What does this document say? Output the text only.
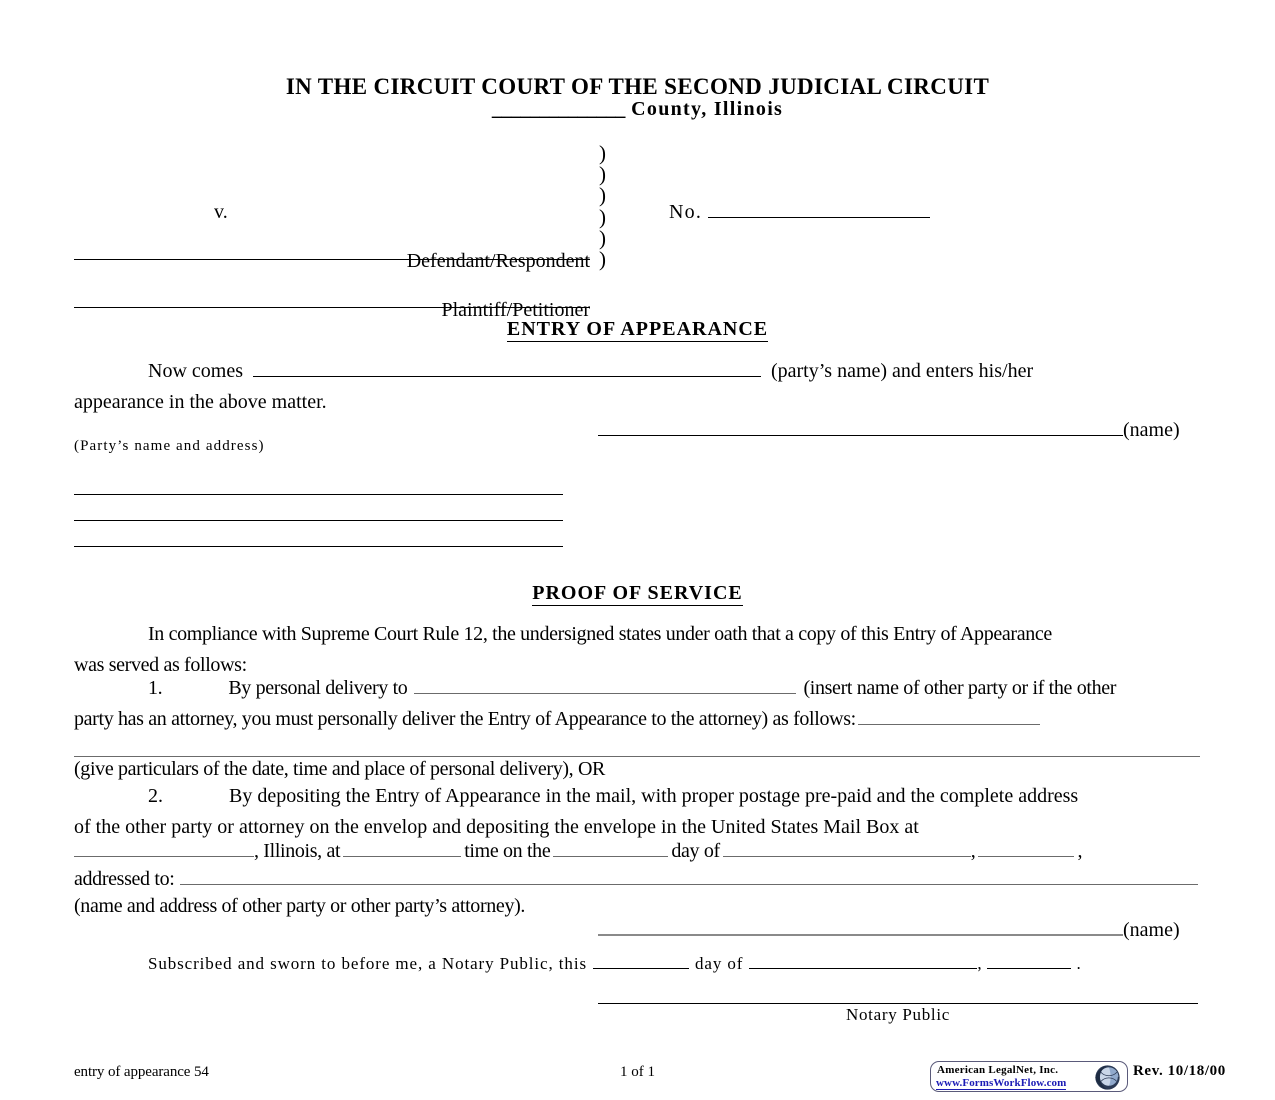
IN THE CIRCUIT COURT OF THE SECOND JUDICIAL CIRCUIT
______________ County, Illinois
Plaintiff/Petitioner
v.
Defendant/Respondent
)
)
)
)
)
)
No.
ENTRY OF APPEARANCE
Now comes	(party’s name) and enters his/her
appearance in the above matter.
(name)
(Party’s name and address)
PROOF OF SERVICE
In compliance with Supreme Court Rule 12, the undersigned states under oath that a copy of this Entry of Appearance
was served as follows:
1.	By personal delivery to	(insert name of other party or if the other
party has an attorney, you must personally deliver the Entry of Appearance to the attorney) as follows:
(give particulars of the date, time and place of personal delivery), OR
2.	By depositing the Entry of Appearance in the mail, with proper postage pre-paid and the complete address
of the other party or attorney on the envelop and depositing the envelope in the United States Mail Box at
, Illinois, at	time on the	day of	,	,
addressed to:
(name and address of other party or other party’s attorney).
(name)
Subscribed and sworn to before me, a Notary Public, this	day of	,	.
Notary Public
entry of appearance 54	1 of 1	American LegalNet, Inc.
www.FormsWorkFlow.com
Rev. 10/18/00
